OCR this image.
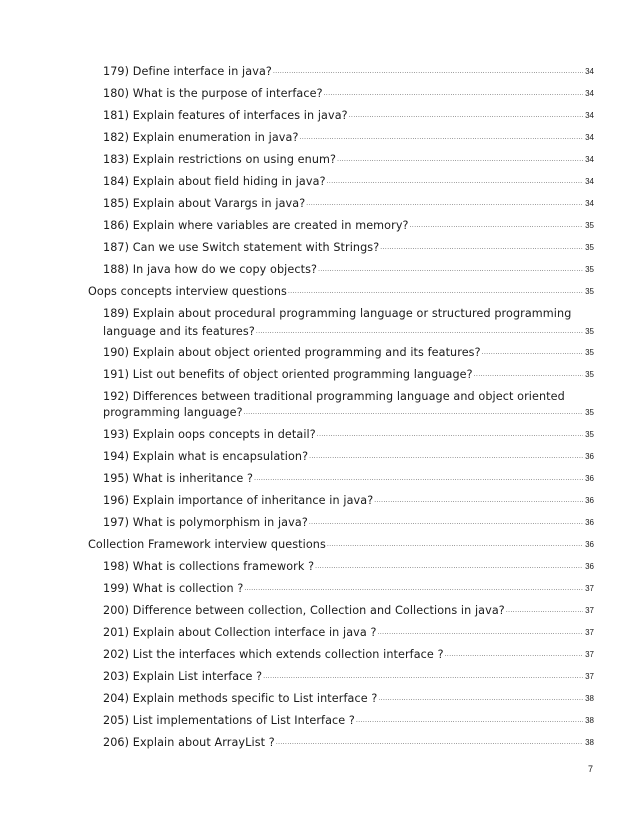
179) Define interface in java? .....	34
180) What is the purpose of interface? .....	34
181) Explain features of interfaces in java? .....	34
182) Explain enumeration in java? .....	34
183) Explain restrictions on using enum? .....	34
184) Explain about field hiding in java? .....	34
185) Explain about Varargs in java? .....	34
186) Explain where variables are created in memory? .....	35
187) Can we use Switch statement with Strings? .....	35
188) In java how do we copy objects? .....	35
Oops concepts interview questions .....	35
189) Explain about procedural programming language or structured programming
language and its features? .....	35
190) Explain about object oriented programming and its features? .....	35
191) List out benefits of object oriented programming language? .....	35
192) Differences between traditional programming language and object oriented
programming language? .....	35
193) Explain oops concepts in detail? .....	35
194) Explain what is encapsulation? .....	36
195) What is inheritance ? .....	36
196) Explain importance of inheritance in java? .....	36
197) What is polymorphism in java? .....	36
Collection Framework interview questions .....	36
198) What is collections framework ? .....	36
199) What is collection ? .....	37
200) Difference between collection, Collection and Collections in java? .....	37
201) Explain about Collection interface in java ? .....	37
202) List the interfaces which extends collection interface ? .....	37
203) Explain List interface ? .....	37
204) Explain methods specific to List interface ? .....	38
205) List implementations of List Interface ? .....	38
206) Explain about ArrayList ? .....	38
7
